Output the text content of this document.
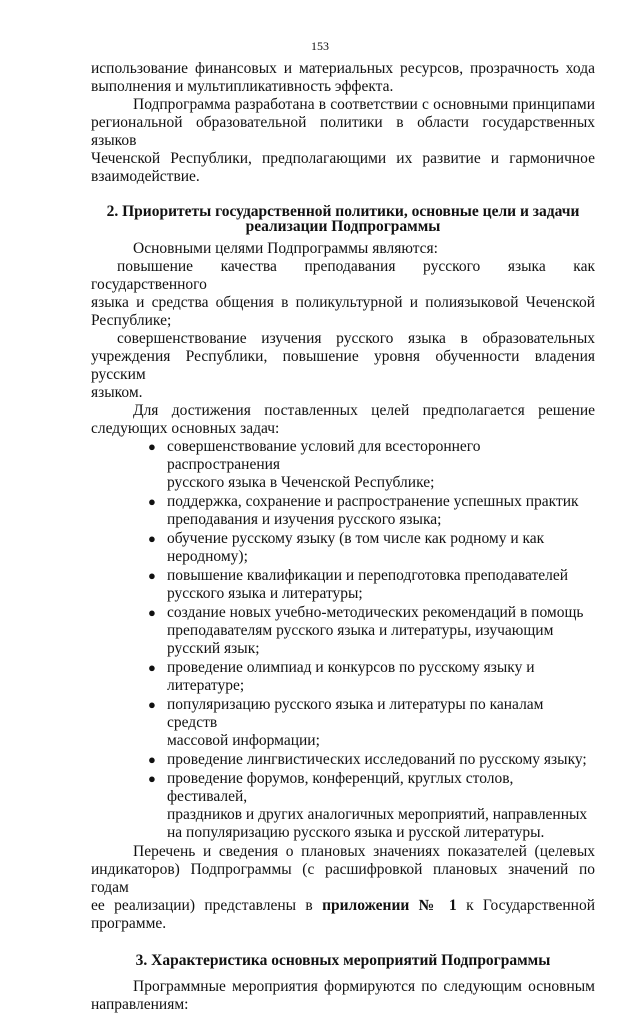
153

использование финансовых и материальных ресурсов, прозрачность хода

выполнения и мультипликативность эффекта.

Подпрограмма разработана в соответствии с основными принципами

региональной образовательной политики в области государственных языков

Чеченской Республики, предполагающими их развитие и гармоничное

взаимодействие.

2. Приоритеты государственной политики, основные цели и задачи

реализации Подпрограммы

Основными целями Подпрограммы являются:

повышение качества преподавания русского языка как государственного

языка и средства общения в поликультурной и полиязыковой Чеченской

Республике;

совершенствование изучения русского языка в образовательных

учреждения Республики, повышение уровня обученности владения русским

языком.

Для достижения поставленных целей предполагается решение

следующих основных задач:

● совершенствование условий для всестороннего распространения
русского языка в Чеченской Республике;
● поддержка, сохранение и распространение успешных практик
преподавания и изучения русского языка;
● обучение русскому языку (в том числе как родному и как
неродному);
● повышение квалификации и переподготовка преподавателей
русского языка и литературы;
● создание новых учебно-методических рекомендаций в помощь
преподавателям русского языка и литературы, изучающим
русский язык;
● проведение олимпиад и конкурсов по русскому языку и
литературе;
● популяризацию русского языка и литературы по каналам средств
массовой информации;
● проведение лингвистических исследований по русскому языку;
● проведение форумов, конференций, круглых столов, фестивалей,
праздников и других аналогичных мероприятий, направленных
на популяризацию русского языка и русской литературы.

Перечень и сведения о плановых значениях показателей (целевых

индикаторов) Подпрограммы (с расшифровкой плановых значений по годам

ее реализации) представлены в приложении № 1 к Государственной

программе.

3. Характеристика основных мероприятий Подпрограммы

Программные мероприятия формируются по следующим основным

направлениям:
